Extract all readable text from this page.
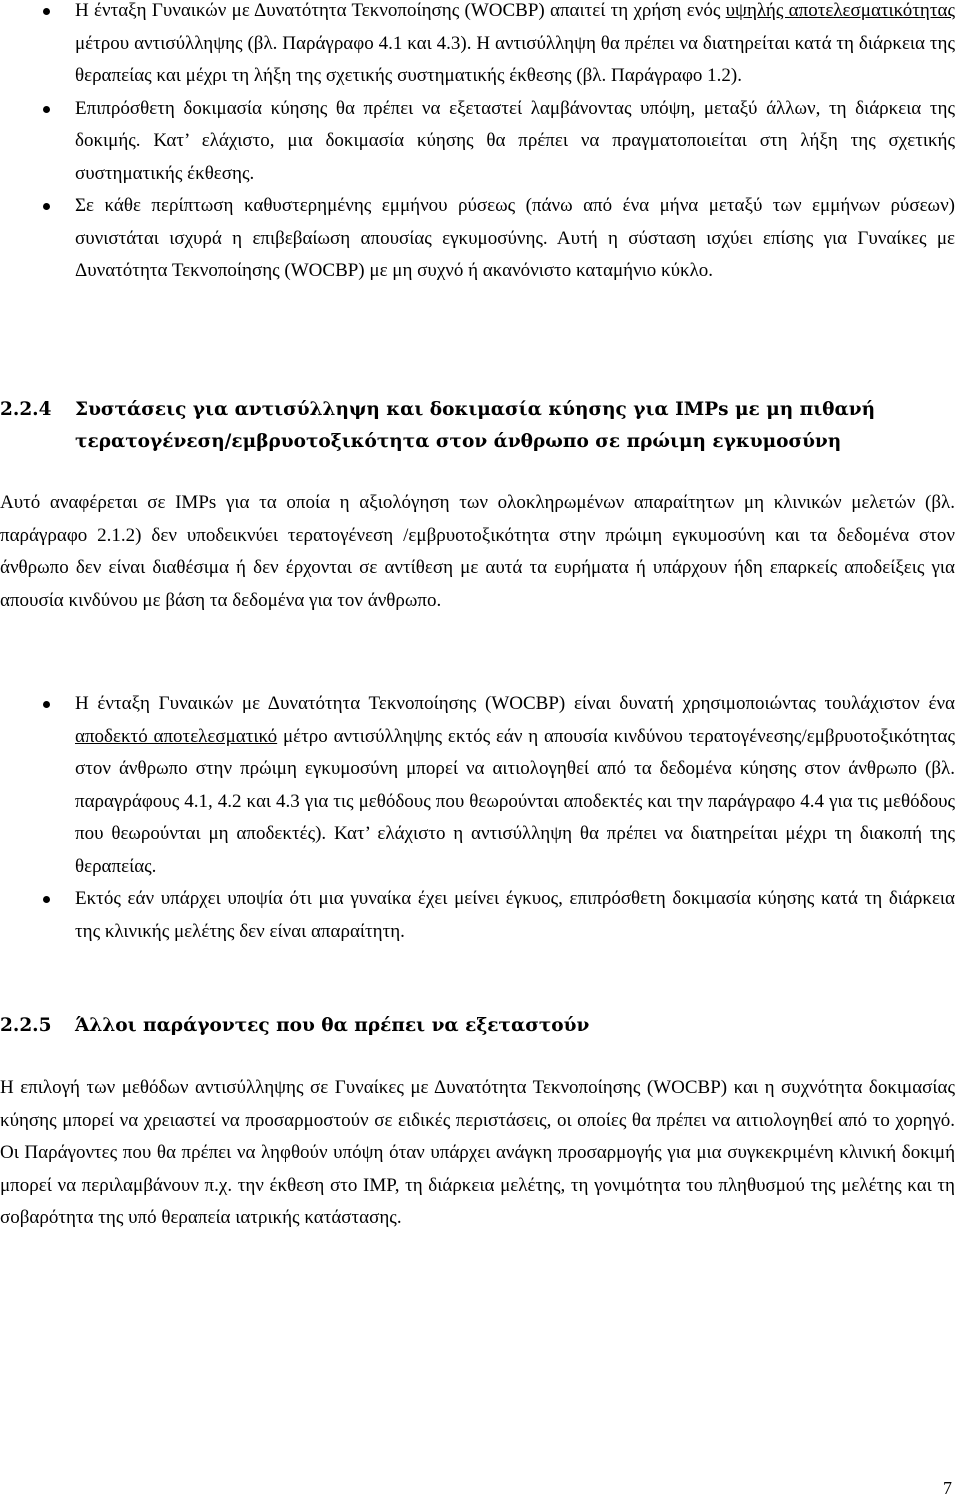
Η ένταξη Γυναικών με Δυνατότητα Τεκνοποίησης (WOCBP) απαιτεί τη χρήση ενός υψηλής αποτελεσματικότητας μέτρου αντισύλληψης (βλ. Παράγραφο 4.1 και 4.3). Η αντισύλληψη θα πρέπει να διατηρείται κατά τη διάρκεια της θεραπείας και μέχρι τη λήξη της σχετικής συστηματικής έκθεσης (βλ. Παράγραφο 1.2).
Επιπρόσθετη δοκιμασία κύησης θα πρέπει να εξεταστεί λαμβάνοντας υπόψη, μεταξύ άλλων, τη διάρκεια της δοκιμής. Κατ’ ελάχιστο, μια δοκιμασία κύησης θα πρέπει να πραγματοποιείται στη λήξη της σχετικής συστηματικής έκθεσης.
Σε κάθε περίπτωση καθυστερημένης εμμήνου ρύσεως (πάνω από ένα μήνα μεταξύ των εμμήνων ρύσεων) συνιστάται ισχυρά η επιβεβαίωση απουσίας εγκυμοσύνης. Αυτή η σύσταση ισχύει επίσης για Γυναίκες με Δυνατότητα Τεκνοποίησης (WOCBP) με μη συχνό ή ακανόνιστο καταμήνιο κύκλο.
2.2.4 Συστάσεις για αντισύλληψη και δοκιμασία κύησης για IMPs με μη πιθανή
τερατογένεση/εμβρυοτοξικότητα στον άνθρωπο σε πρώιμη εγκυμοσύνη

Αυτό αναφέρεται σε IMPs για τα οποία η αξιολόγηση των ολοκληρωμένων απαραίτητων μη κλινικών μελετών (βλ. παράγραφο 2.1.2) δεν υποδεικνύει τερατογένεση /εμβρυοτοξικότητα στην πρώιμη εγκυμοσύνη και τα δεδομένα στον άνθρωπο δεν είναι διαθέσιμα ή δεν έρχονται σε αντίθεση με αυτά τα ευρήματα ή υπάρχουν ήδη επαρκείς αποδείξεις για απουσία κινδύνου με βάση τα δεδομένα για τον άνθρωπο.

Η ένταξη Γυναικών με Δυνατότητα Τεκνοποίησης (WOCBP) είναι δυνατή χρησιμοποιώντας τουλάχιστον ένα αποδεκτό αποτελεσματικό μέτρο αντισύλληψης εκτός εάν η απουσία κινδύνου τερατογένεσης/εμβρυοτοξικότητας στον άνθρωπο στην πρώιμη εγκυμοσύνη μπορεί να αιτιολογηθεί από τα δεδομένα κύησης στον άνθρωπο (βλ. παραγράφους 4.1, 4.2 και 4.3 για τις μεθόδους που θεωρούνται αποδεκτές και την παράγραφο 4.4 για τις μεθόδους που θεωρούνται μη αποδεκτές). Κατ’ ελάχιστο η αντισύλληψη θα πρέπει να διατηρείται μέχρι τη διακοπή της θεραπείας.
Εκτός εάν υπάρχει υποψία ότι μια γυναίκα έχει μείνει έγκυος, επιπρόσθετη δοκιμασία κύησης κατά τη διάρκεια της κλινικής μελέτης δεν είναι απαραίτητη.
2.2.5 Άλλοι παράγοντες που θα πρέπει να εξεταστούν

Η επιλογή των μεθόδων αντισύλληψης σε Γυναίκες με Δυνατότητα Τεκνοποίησης (WOCBP) και η συχνότητα δοκιμασίας κύησης μπορεί να χρειαστεί να προσαρμοστούν σε ειδικές περιστάσεις, οι οποίες θα πρέπει να αιτιολογηθεί από το χορηγό. Οι Παράγοντες που θα πρέπει να ληφθούν υπόψη όταν υπάρχει ανάγκη προσαρμογής για μια συγκεκριμένη κλινική δοκιμή μπορεί να περιλαμβάνουν π.χ. την έκθεση στο IMP, τη διάρκεια μελέτης, τη γονιμότητα του πληθυσμού της μελέτης και τη σοβαρότητα της υπό θεραπεία ιατρικής κατάστασης.

7
